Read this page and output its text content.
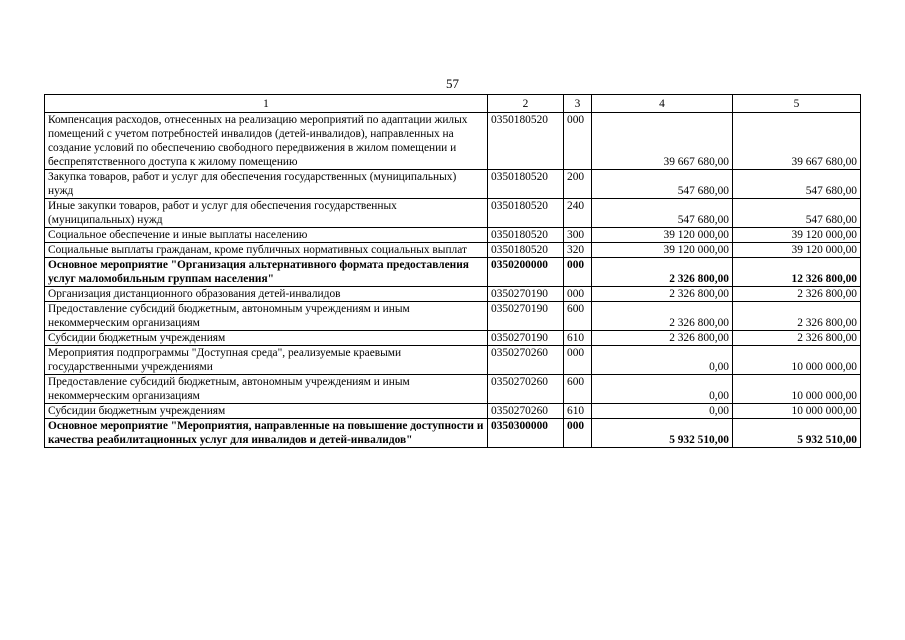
57
1	2	3	4	5
Компенсация расходов, отнесенных на реализацию мероприятий по адаптации жилых помещений с учетом потребностей инвалидов (детей-инвалидов), направленных на создание условий по обеспечению свободного передвижения в жилом помещении и беспрепятственного доступа к жилому помещению	0350180520	000	39 667 680,00	39 667 680,00
Закупка товаров, работ и услуг для обеспечения государственных (муниципальных) нужд	0350180520	200	547 680,00	547 680,00
Иные закупки товаров, работ и услуг для обеспечения государственных (муниципальных) нужд	0350180520	240	547 680,00	547 680,00
Социальное обеспечение и иные выплаты населению	0350180520	300	39 120 000,00	39 120 000,00
Социальные выплаты гражданам, кроме публичных нормативных социальных выплат	0350180520	320	39 120 000,00	39 120 000,00
Основное мероприятие "Организация альтернативного формата предоставления услуг маломобильным группам населения"	0350200000	000	2 326 800,00	12 326 800,00
Организация дистанционного образования детей-инвалидов	0350270190	000	2 326 800,00	2 326 800,00
Предоставление субсидий бюджетным, автономным учреждениям и иным некоммерческим организациям	0350270190	600	2 326 800,00	2 326 800,00
Субсидии бюджетным учреждениям	0350270190	610	2 326 800,00	2 326 800,00
Мероприятия подпрограммы "Доступная среда", реализуемые краевыми государственными учреждениями	0350270260	000	0,00	10 000 000,00
Предоставление субсидий бюджетным, автономным учреждениям и иным некоммерческим организациям	0350270260	600	0,00	10 000 000,00
Субсидии бюджетным учреждениям	0350270260	610	0,00	10 000 000,00
Основное мероприятие "Мероприятия, направленные на повышение доступности и качества реабилитационных услуг для инвалидов и детей-инвалидов"	0350300000	000	5 932 510,00	5 932 510,00
